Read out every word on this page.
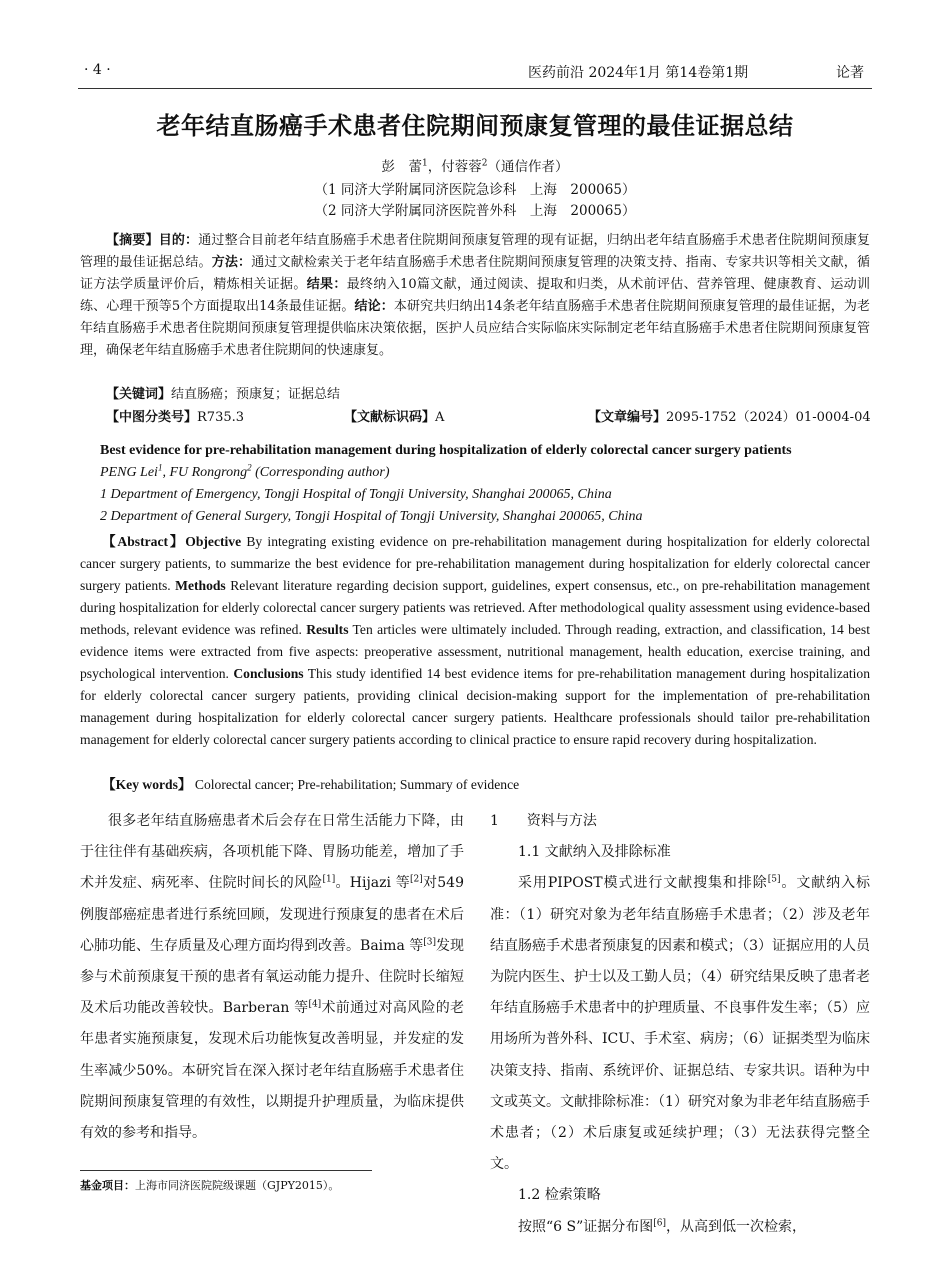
· 4 ·	医药前沿 2024年1月 第14卷第1期	论著
老年结直肠癌手术患者住院期间预康复管理的最佳证据总结
彭　蕾$^1$，付蓉蓉$^2$（通信作者）
（1 同济大学附属同济医院急诊科　上海　200065）
（2 同济大学附属同济医院普外科　上海　200065）
【摘要】目的：通过整合目前老年结直肠癌手术患者住院期间预康复管理的现有证据，归纳出老年结直肠癌手术患者住院期间预康复管理的最佳证据总结。方法：通过文献检索关于老年结直肠癌手术患者住院期间预康复管理的决策支持、指南、专家共识等相关文献，循证方法学质量评价后，精炼相关证据。结果：最终纳入10篇文献，通过阅读、提取和归类，从术前评估、营养管理、健康教育、运动训练、心理干预等5个方面提取出14条最佳证据。结论：本研究共归纳出14条老年结直肠癌手术患者住院期间预康复管理的最佳证据，为老年结直肠癌手术患者住院期间预康复管理提供临床决策依据，医护人员应结合实际临床实际制定老年结直肠癌手术患者住院期间预康复管理，确保老年结直肠癌手术患者住院期间的快速康复。
【关键词】结直肠癌；预康复；证据总结
【中图分类号】R735.3	【文献标识码】A	【文章编号】2095-1752（2024）01-0004-04
Best evidence for pre-rehabilitation management during hospitalization of elderly colorectal cancer surgery patients
PENG Lei$^1$, FU Rongrong$^2$ (Corresponding author)
1 Department of Emergency, Tongji Hospital of Tongji University, Shanghai 200065, China
2 Department of General Surgery, Tongji Hospital of Tongji University, Shanghai 200065, China
【Abstract】Objective By integrating existing evidence on pre-rehabilitation management during hospitalization for elderly colorectal cancer surgery patients, to summarize the best evidence for pre-rehabilitation management during hospitalization for elderly colorectal cancer surgery patients. Methods Relevant literature regarding decision support, guidelines, expert consensus, etc., on pre-rehabilitation management during hospitalization for elderly colorectal cancer surgery patients was retrieved. After methodological quality assessment using evidence-based methods, relevant evidence was refined. Results Ten articles were ultimately included. Through reading, extraction, and classification, 14 best evidence items were extracted from five aspects: preoperative assessment, nutritional management, health education, exercise training, and psychological intervention. Conclusions This study identified 14 best evidence items for pre-rehabilitation management during hospitalization for elderly colorectal cancer surgery patients, providing clinical decision-making support for the implementation of pre-rehabilitation management during hospitalization for elderly colorectal cancer surgery patients. Healthcare professionals should tailor pre-rehabilitation management for elderly colorectal cancer surgery patients according to clinical practice to ensure rapid recovery during hospitalization.
【Key words】 Colorectal cancer; Pre-rehabilitation; Summary of evidence
很多老年结直肠癌患者术后会存在日常生活能力下降，由于往往伴有基础疾病，各项机能下降、胃肠功能差，增加了手术并发症、病死率、住院时间长的风险[1]。Hijazi 等[2]对549例腹部癌症患者进行系统回顾，发现进行预康复的患者在术后心肺功能、生存质量及心理方面均得到改善。Baima 等[3]发现参与术前预康复干预的患者有氧运动能力提升、住院时长缩短及术后功能改善较快。Barberan 等[4]术前通过对高风险的老年患者实施预康复，发现术后功能恢复改善明显，并发症的发生率减少50%。本研究旨在深入探讨老年结直肠癌手术患者住院期间预康复管理的有效性，以期提升护理质量，为临床提供有效的参考和指导。
1　　资料与方法
1.1 文献纳入及排除标准
采用PIPOST模式进行文献搜集和排除[5]。文献纳入标准：（1）研究对象为老年结直肠癌手术患者；（2）涉及老年结直肠癌手术患者预康复的因素和模式；（3）证据应用的人员为院内医生、护士以及工勤人员；（4）研究结果反映了患者老年结直肠癌手术患者中的护理质量、不良事件发生率；（5）应用场所为普外科、ICU、手术室、病房；（6）证据类型为临床决策支持、指南、系统评价、证据总结、专家共识。语种为中文或英文。文献排除标准：（1）研究对象为非老年结直肠癌手术患者；（2）术后康复或延续护理；（3）无法获得完整全文。
1.2 检索策略
按照“6 S”证据分布图[6]，从高到低一次检索，
基金项目：上海市同济医院院级课题（GJPY2015）。
